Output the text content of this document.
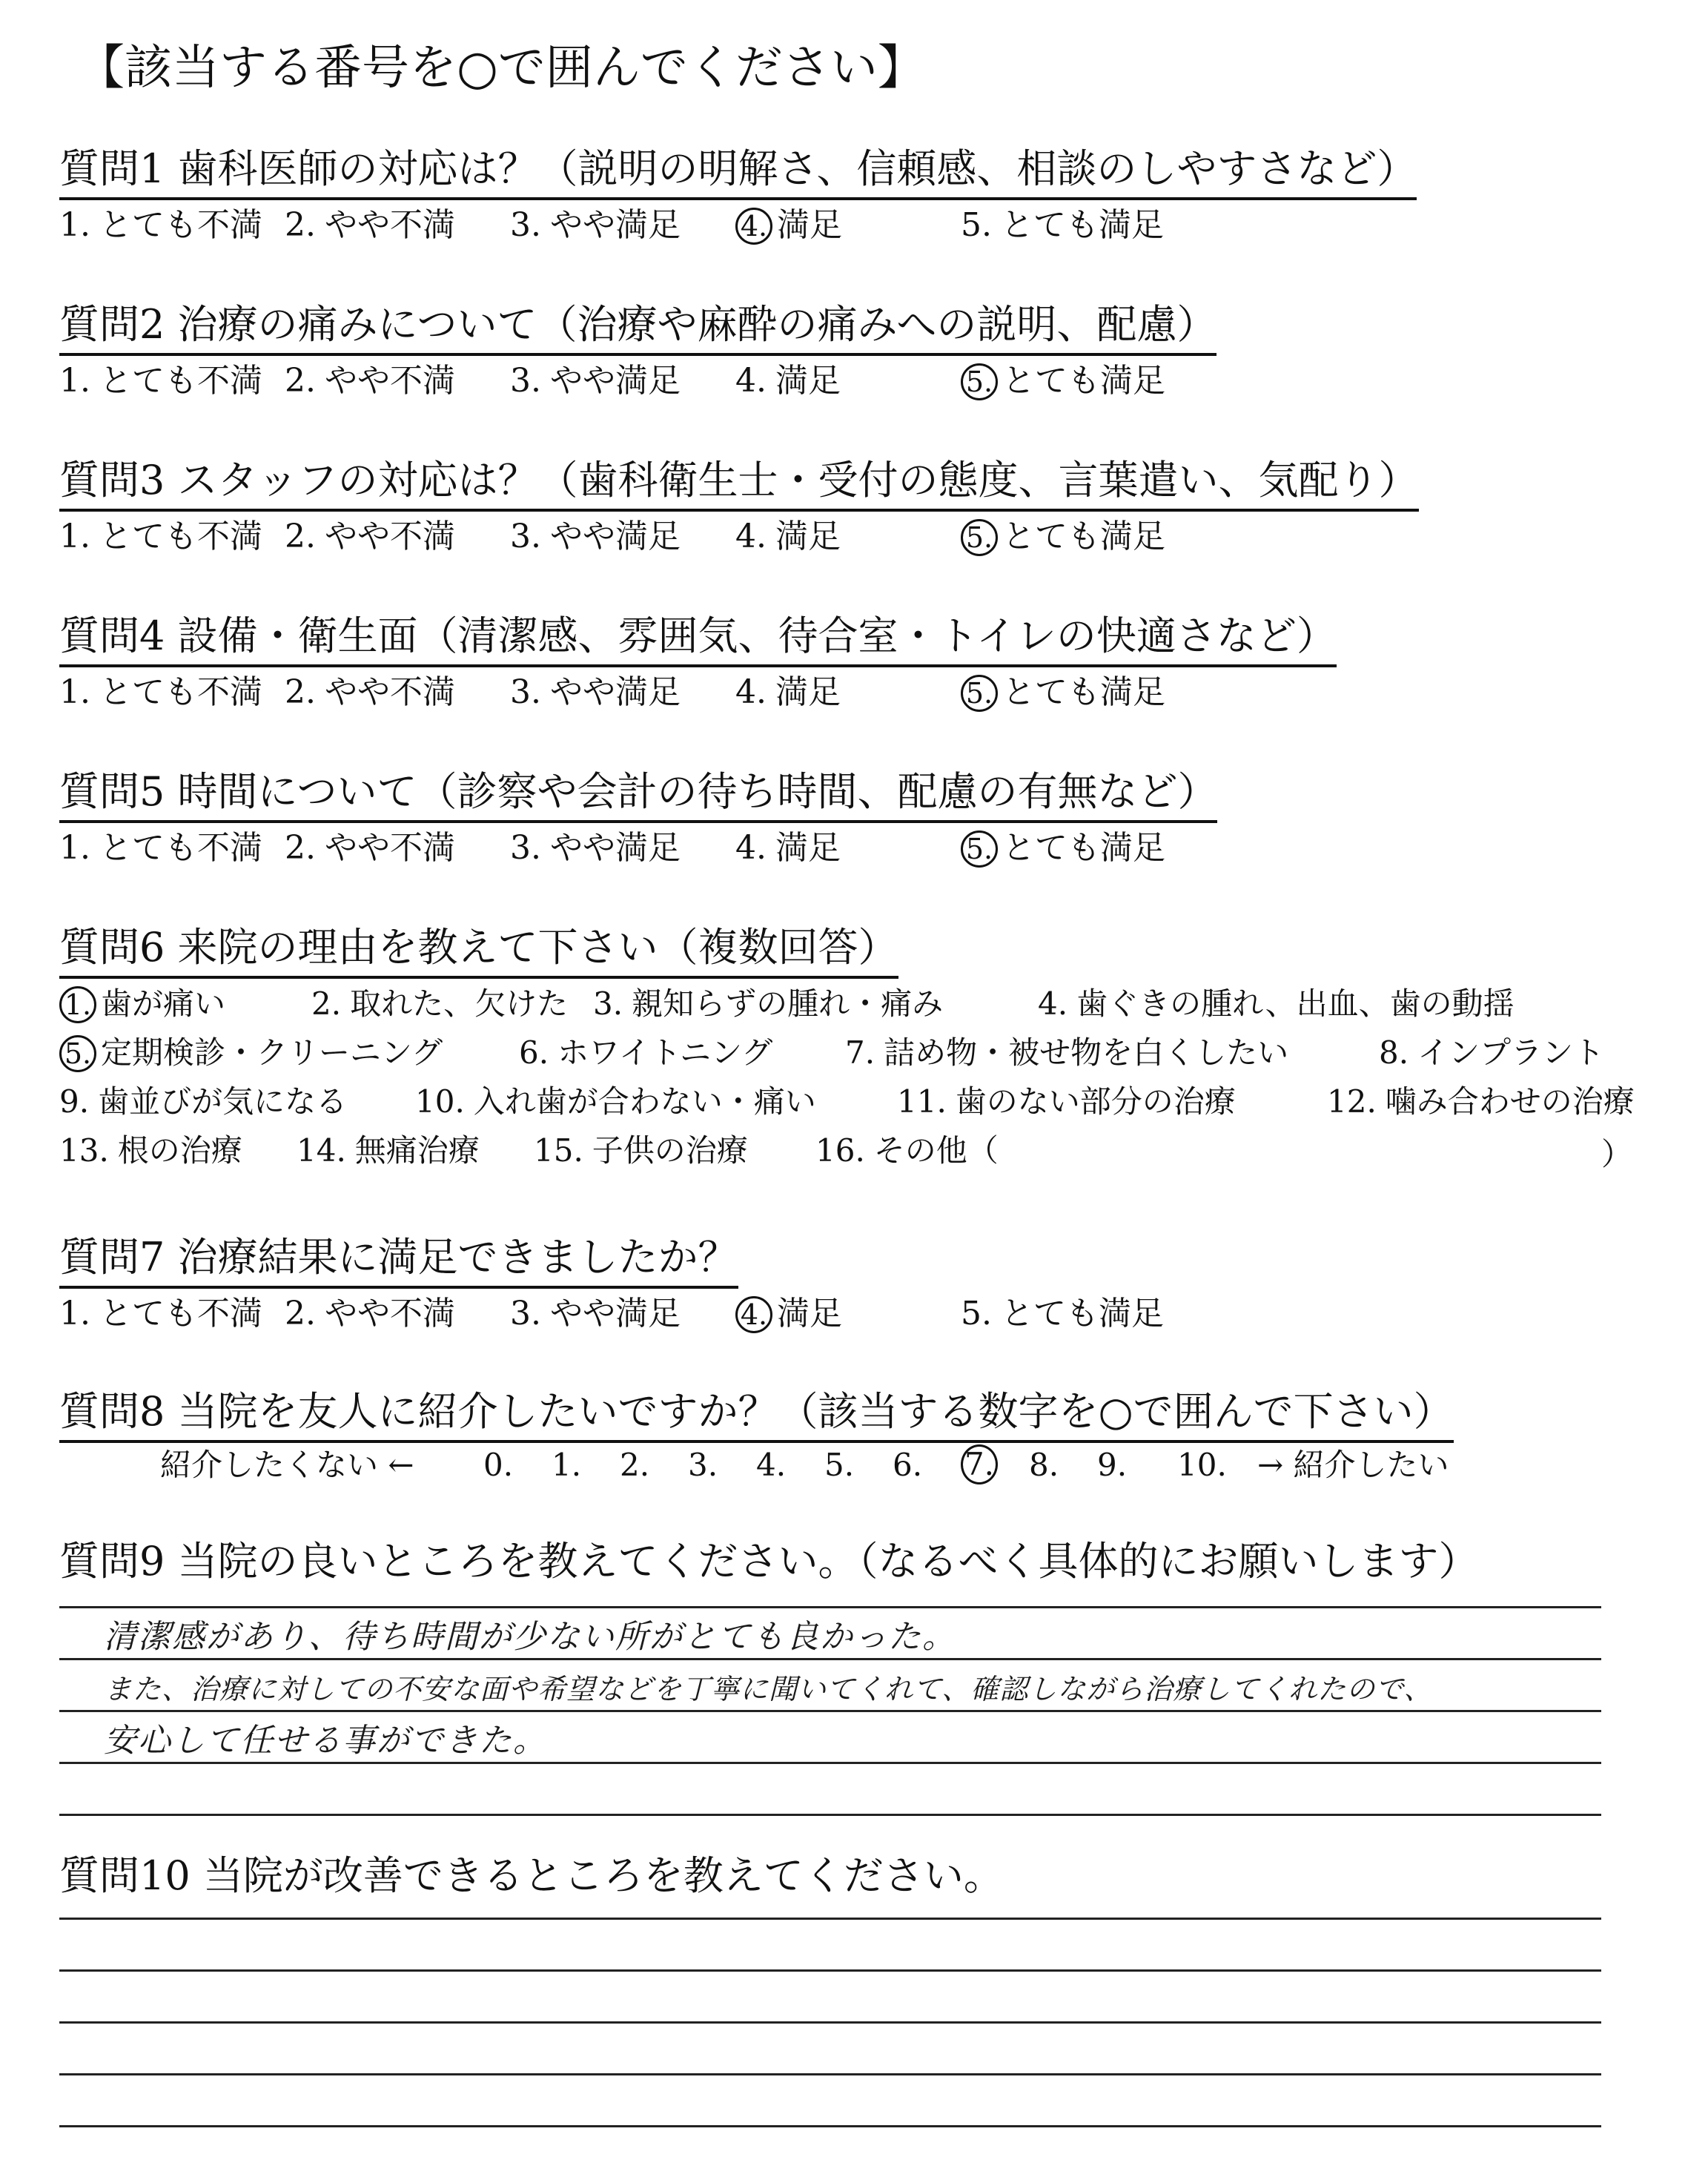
【該当する番号を○で囲んでください】
質問1 歯科医師の対応は？（説明の明解さ、信頼感、相談のしやすさなど）
1. とても不満 2. やや不満 3. やや満足 4. 満足	5. とても満足
質問2 治療の痛みについて（治療や麻酔の痛みへの説明、配慮）
1. とても不満 2. やや不満 3. やや満足 4. 満足	5. とても満足
質問3 スタッフの対応は？（歯科衛生士・受付の態度、言葉遣い、気配り）
1. とても不満 2. やや不満 3. やや満足 4. 満足	5. とても満足
質問4 設備・衛生面（清潔感、雰囲気、待合室・トイレの快適さなど）
1. とても不満 2. やや不満 3. やや満足 4. 満足	5. とても満足
質問5 時間について（診察や会計の待ち時間、配慮の有無など）
1. とても不満 2. やや不満 3. やや満足 4. 満足	5. とても満足
質問6 来院の理由を教えて下さい（複数回答）
1. 歯が痛い	2. 取れた、欠けた 3. 親知らずの腫れ・痛み	4. 歯ぐきの腫れ、出血、歯の動揺
5. 定期検診・クリーニング 6. ホワイトニング 7. 詰め物・被せ物を白くしたい	8. インプラント
9. 歯並びが気になる 10. 入れ歯が合わない・痛い	11. 歯のない部分の治療	12. 噛み合わせの治療
13. 根の治療 14. 無痛治療 15. 子供の治療 16. その他（	）
質問7 治療結果に満足できましたか？
1. とても不満 2. やや不満 3. やや満足 4. 満足	5. とても満足
質問8 当院を友人に紹介したいですか？（該当する数字を○で囲んで下さい）
紹介したくない ← 0. 1. 2. 3. 4. 5. 6. 7. 8. 9. 10. → 紹介したい
質問9 当院の良いところを教えてください。（なるべく具体的にお願いします）
清潔感があり、待ち時間が少ない所がとても良かった。
また、治療に対しての不安な面や希望などを丁寧に聞いてくれて、確認しながら治療してくれたので、
安心して任せる事ができた。
質問10 当院が改善できるところを教えてください。
